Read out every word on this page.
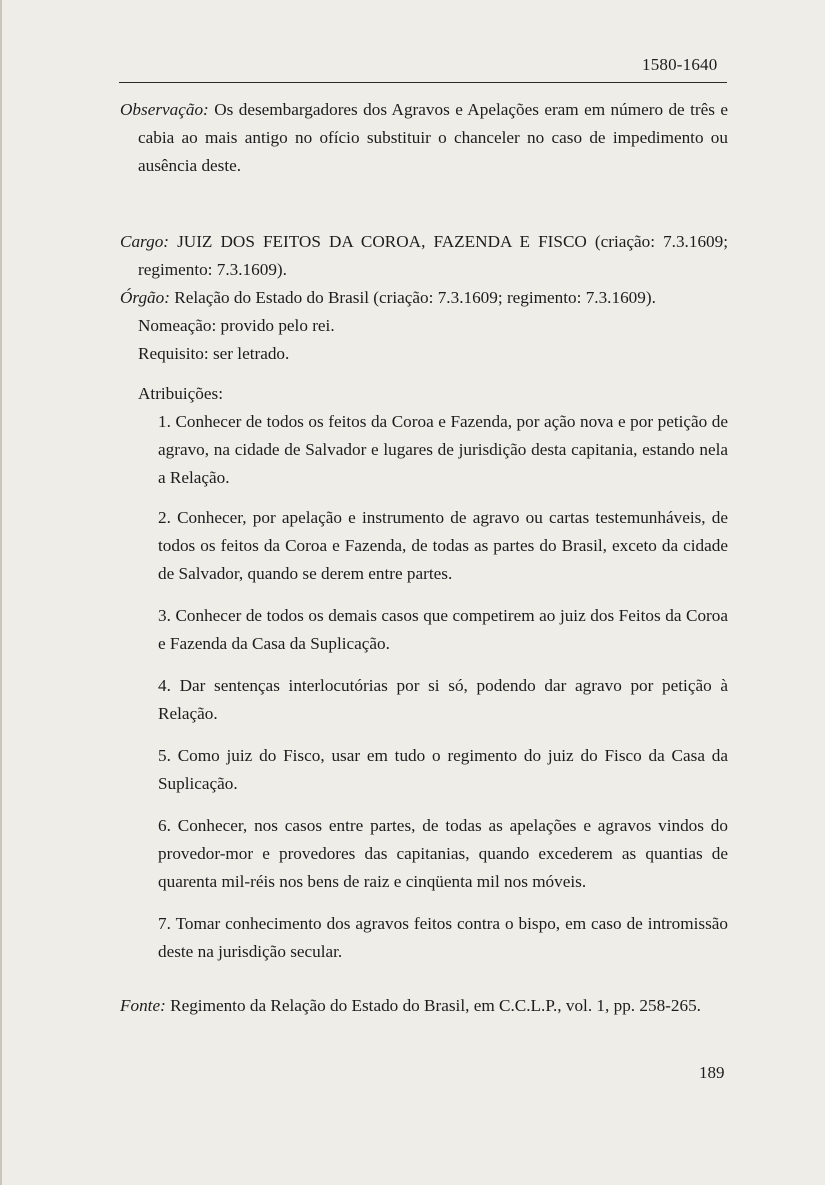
1580-1640

Observação: Os desembargadores dos Agravos e Apelações eram em número de três e cabia ao mais antigo no ofício substituir o chanceler no caso de impedimento ou ausência deste.

Cargo: JUIZ DOS FEITOS DA COROA, FAZENDA E FISCO (criação: 7.3.1609; regimento: 7.3.1609).

Órgão: Relação do Estado do Brasil (criação: 7.3.1609; regimento: 7.3.1609).

Nomeação: provido pelo rei.

Requisito: ser letrado.

Atribuições:

1. Conhecer de todos os feitos da Coroa e Fazenda, por ação nova e por petição de agravo, na cidade de Salvador e lugares de jurisdição desta capitania, estando nela a Relação.

2. Conhecer, por apelação e instrumento de agravo ou cartas testemunháveis, de todos os feitos da Coroa e Fazenda, de todas as partes do Brasil, exceto da cidade de Salvador, quando se derem entre partes.

3. Conhecer de todos os demais casos que competirem ao juiz dos Feitos da Coroa e Fazenda da Casa da Suplicação.

4. Dar sentenças interlocutórias por si só, podendo dar agravo por petição à Relação.

5. Como juiz do Fisco, usar em tudo o regimento do juiz do Fisco da Casa da Suplicação.

6. Conhecer, nos casos entre partes, de todas as apelações e agravos vindos do provedor-mor e provedores das capitanias, quando excederem as quantias de quarenta mil-réis nos bens de raiz e cinqüenta mil nos móveis.

7. Tomar conhecimento dos agravos feitos contra o bispo, em caso de intromissão deste na jurisdição secular.

Fonte: Regimento da Relação do Estado do Brasil, em C.C.L.P., vol. 1, pp. 258-265.

189
